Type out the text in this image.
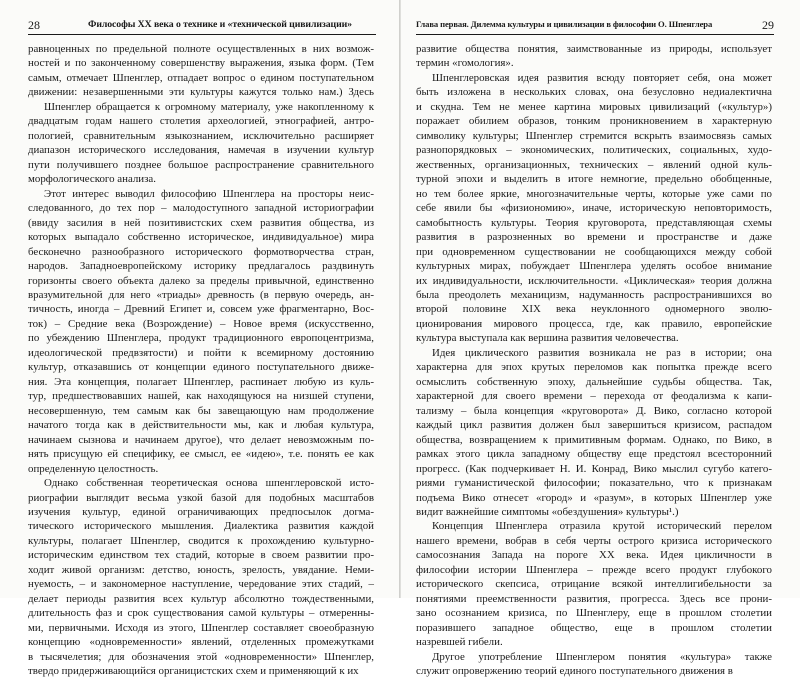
28	Философы XX века о технике и «технической цивилизации»
равноценных по предельной полноте осуществленных в них возмож-
ностей и по законченному совершенству выражения, языка форм. (Тем
самым, отмечает Шпенглер, отпадает вопрос о едином поступательном
движении: незавершенными эти культуры кажутся только нам.) Здесь
Шпенглер обращается к огромному материалу, уже накопленному к
двадцатым годам нашего столетия археологией, этнографией, антро-
пологией, сравнительным языкознанием, исключительно расширяет
диапазон исторического исследования, намечая в изучении культур
пути получившего позднее большое распространение сравнительного
морфологического анализа.
Этот интерес выводил философию Шпенглера на просторы неис-
следованного, до тех пор – малодоступного западной историографии
(ввиду засилия в ней позитивистских схем развития общества, из
которых выпадало собственно историческое, индивидуальное) мира
бесконечно разнообразного исторического формотворчества стран,
народов. Западноевропейскому историку предлагалось раздвинуть
горизонты своего объекта далеко за пределы привычной, единственно
вразумительной для него «триады» древность (в первую очередь, ан-
тичность, иногда – Древний Египет и, совсем уже фрагментарно, Вос-
ток) – Средние века (Возрождение) – Новое время (искусственно,
по убеждению Шпенглера, продукт традиционного европоцентризма,
идеологической предвзятости) и пойти к всемирному достоянию
культур, отказавшись от концепции единого поступательного движе-
ния. Эта концепция, полагает Шпенглер, распинает любую из куль-
тур, предшествовавших нашей, как находящуюся на низшей ступени,
несовершенную, тем самым как бы завещающую нам продолжение
начатого тогда как в действительности мы, как и любая культура,
начинаем сызнова и начинаем другое), что делает невозможным по-
нять присущую ей специфику, ее смысл, ее «идею», т.е. понять ее как
определенную целостность.
Однако собственная теоретическая основа шпенглеровской исто-
риографии выглядит весьма узкой базой для подобных масштабов
изучения культур, единой ограничивающих предпосылок догма-
тического исторического мышления. Диалектика развития каждой
культуры, полагает Шпенглер, сводится к прохождению культурно-
историческим единством тех стадий, которые в своем развитии про-
ходит живой организм: детство, юность, зрелость, увядание. Неми-
нуемость, – и закономерное наступление, чередование этих стадий, –
делает периоды развития всех культур абсолютно тождественными,
длительность фаз и срок существования самой культуры – отмеренны-
ми, первичными. Исходя из этого, Шпенглер составляет своеобразную
концепцию «одновременности» явлений, отделенных промежутками
в тысячелетия; для обозначения этой «одновременности» Шпенглер,
твердо придерживающийся органицистских схем и применяющий к их
Глава первая. Дилемма культуры и цивилизации в философии О. Шпенглера	29
развитие общества понятия, заимствованные из природы, использует
термин «гомология».
Шпенглеровская идея развития всюду повторяет себя, она может
быть изложена в нескольких словах, она безусловно недиалектична
и скудна. Тем не менее картина мировых цивилизаций («культур»)
поражает обилием образов, тонким проникновением в характерную
символику культуры; Шпенглер стремится вскрыть взаимосвязь самых
разнопорядковых – экономических, политических, социальных, худо-
жественных, организационных, технических – явлений одной куль-
турной эпохи и выделить в итоге немногие, предельно обобщенные,
но тем более яркие, многозначительные черты, которые уже сами по
себе явили бы «физиономию», иначе, историческую неповторимость,
самобытность культуры. Теория круговорота, представляющая схемы
развития в разрозненных во времени и пространстве и даже
при одновременном существовании не сообщающихся между собой
культурных мирах, побуждает Шпенглера уделять особое внимание
их индивидуальности, исключительности. «Циклическая» теория должна
была преодолеть механицизм, надуманность распространившихся во
второй половине XIX века неуклонного одномерного эволю-
ционирования мирового процесса, где, как правило, европейские
культура выступала как вершина развития человечества.
Идея циклического развития возникала не раз в истории; она
характерна для эпох крутых переломов как попытка прежде всего
осмыслить собственную эпоху, дальнейшие судьбы общества. Так,
характерной для своего времени – перехода от феодализма к капи-
тализму – была концепция «круговорота» Д. Вико, согласно которой
каждый цикл развития должен был завершиться кризисом, распадом
общества, возвращением к примитивным формам. Однако, по Вико, в
рамках этого цикла западному обществу еще предстоял всесторонний
прогресс. (Как подчеркивает Н. И. Конрад, Вико мыслил сугубо катего-
риями гуманистической философии; показательно, что к признакам
подъема Вико отнесет «город» и «разум», в которых Шпенглер уже
видит важнейшие симптомы «обездушения» культуры¹.)
Концепция Шпенглера отразила крутой исторический перелом
нашего времени, вобрав в себя черты острого кризиса исторического
самосознания Запада на пороге XX века. Идея цикличности в
философии истории Шпенглера – прежде всего продукт глубокого
исторического скепсиса, отрицание всякой интеллигибельности за
понятиями преемственности развития, прогресса. Здесь все прони-
зано осознанием кризиса, по Шпенглеру, еще в прошлом столетии
поразившего западное общество, еще в прошлом столетии
назревшей гибели.
Другое употребление Шпенглером понятия «культура» также
служит опровержению теорий единого поступательного движения в
